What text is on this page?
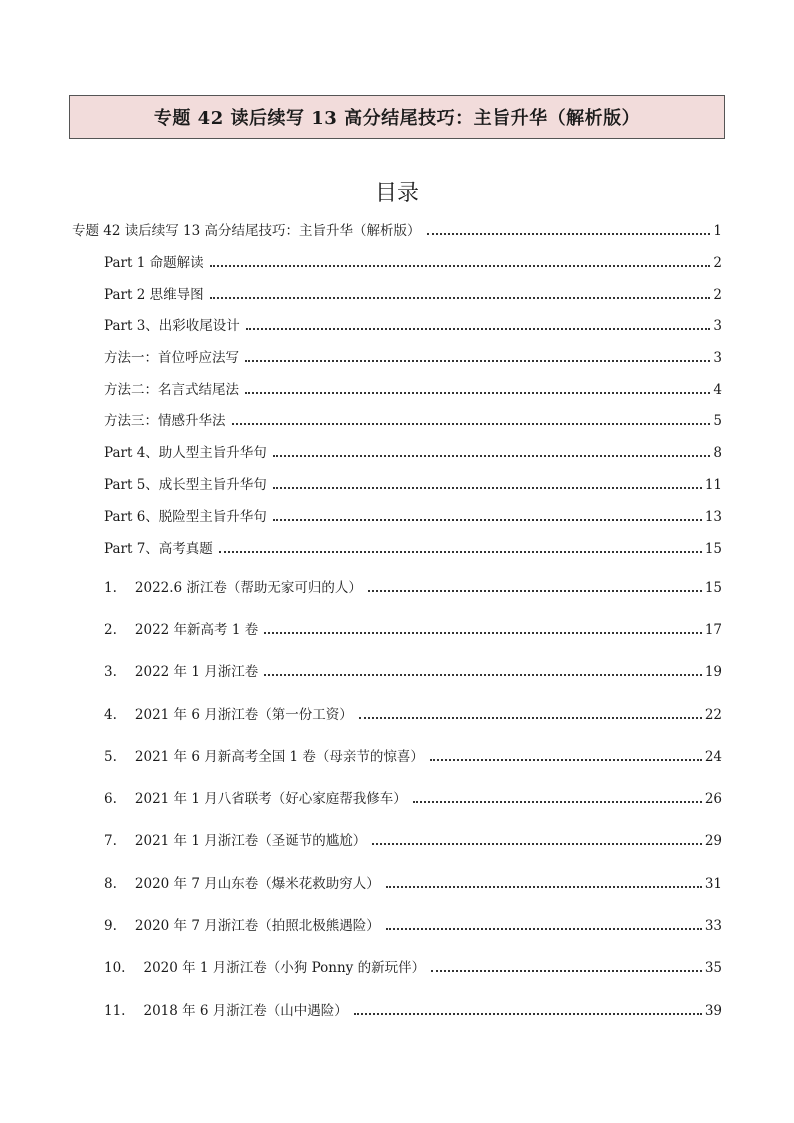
专题 42 读后续写 13 高分结尾技巧：主旨升华（解析版）
目录
专题 42 读后续写 13 高分结尾技巧：主旨升华（解析版）	1
Part 1 命题解读	2
Part 2 思维导图	2
Part 3、出彩收尾设计	3
方法一：首位呼应法写	3
方法二：名言式结尾法	4
方法三：情感升华法	5
Part 4、助人型主旨升华句	8
Part 5、成长型主旨升华句	11
Part 6、脱险型主旨升华句	13
Part 7、高考真题	15
1. 2022.6 浙江卷（帮助无家可归的人）	15
2. 2022 年新高考 1 卷	17
3. 2022 年 1 月浙江卷	19
4. 2021 年 6 月浙江卷（第一份工资）	22
5. 2021 年 6 月新高考全国 1 卷（母亲节的惊喜）	24
6. 2021 年 1 月八省联考（好心家庭帮我修车）	26
7. 2021 年 1 月浙江卷（圣诞节的尴尬）	29
8. 2020 年 7 月山东卷（爆米花救助穷人）	31
9. 2020 年 7 月浙江卷（拍照北极熊遇险）	33
10. 2020 年 1 月浙江卷（小狗 Ponny 的新玩伴）	35
11. 2018 年 6 月浙江卷（山中遇险）	39
